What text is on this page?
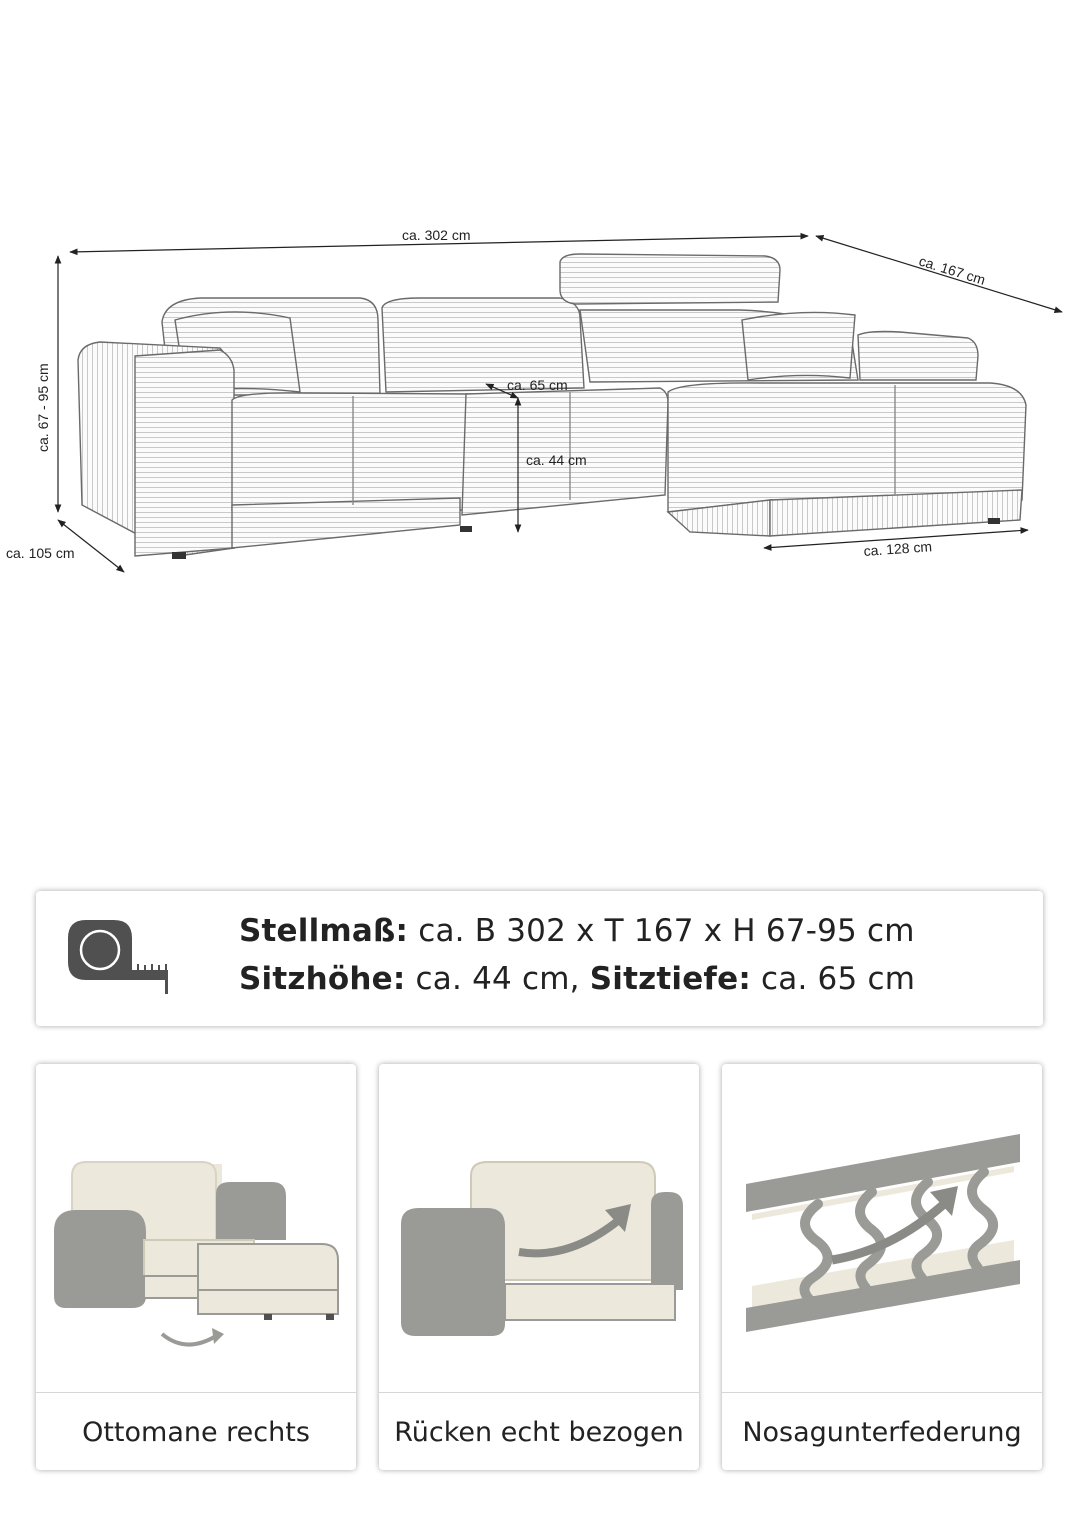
ca. 302 cm
ca. 167 cm
ca. 67 - 95 cm
ca. 105 cm
ca. 65 cm
ca. 44 cm
ca. 128 cm
Stellmaß: ca. B 302 x T 167 x H 67-95 cm
Sitzhöhe: ca. 44 cm, Sitztiefe: ca. 65 cm
Ottomane rechts	Rücken echt bezogen	Nosagunterfederung
